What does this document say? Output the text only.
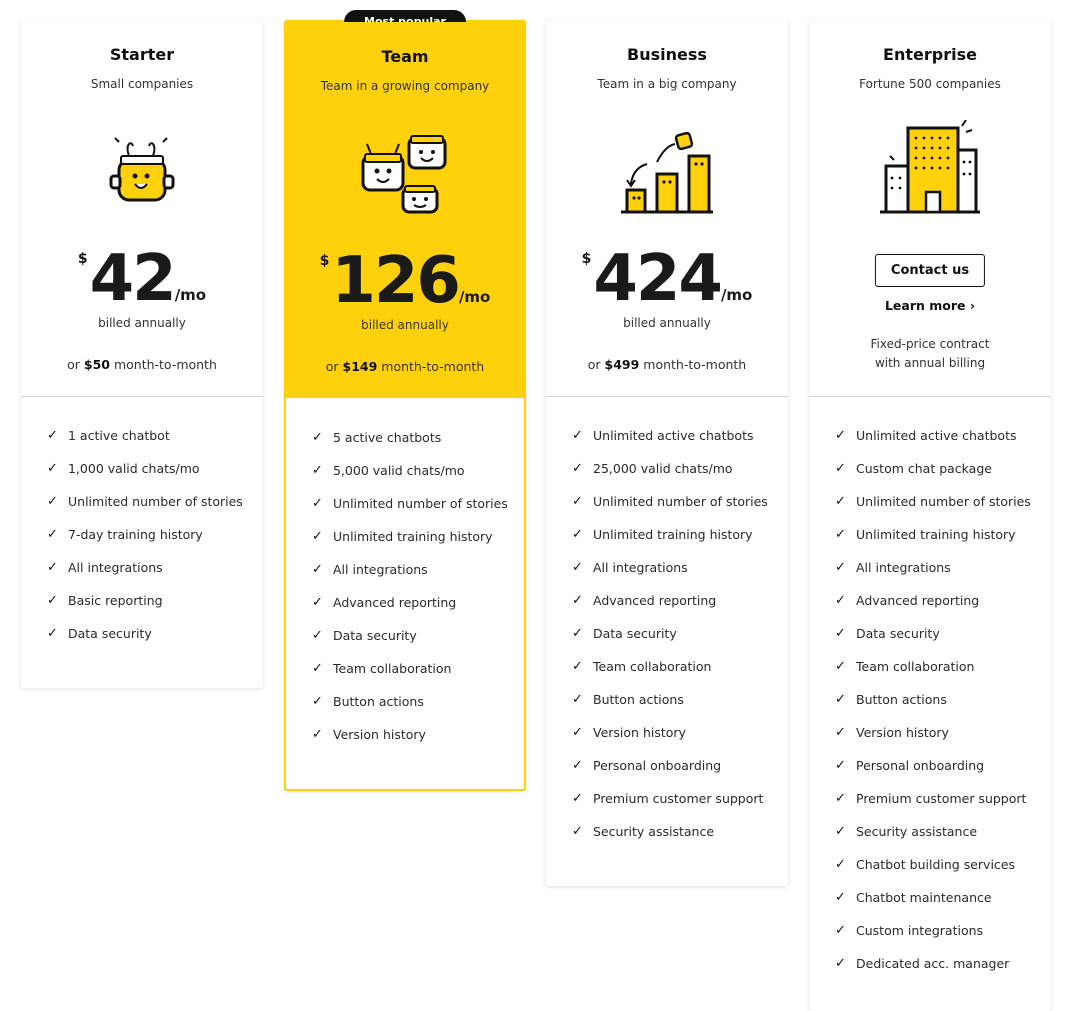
Starter
Small companies
$42/mo
billed annually
or $50 month-to-month
✓ 1 active chatbot
✓ 1,000 valid chats/mo
✓ Unlimited number of stories
✓ 7-day training history
✓ All integrations
✓ Basic reporting
✓ Data security
Team
Team in a growing company
$126/mo
billed annually
or $149 month-to-month
✓ 5 active chatbots
✓ 5,000 valid chats/mo
✓ Unlimited number of stories
✓ Unlimited training history
✓ All integrations
✓ Advanced reporting
✓ Data security
✓ Team collaboration
✓ Button actions
✓ Version history
Business
Team in a big company
$424/mo
billed annually
or $499 month-to-month
✓ Unlimited active chatbots
✓ 25,000 valid chats/mo
✓ Unlimited number of stories
✓ Unlimited training history
✓ All integrations
✓ Advanced reporting
✓ Data security
✓ Team collaboration
✓ Button actions
✓ Version history
✓ Personal onboarding
✓ Premium customer support
✓ Security assistance
Enterprise
Fortune 500 companies
Contact us
Learn more ›
Fixed-price contract
with annual billing
✓ Unlimited active chatbots
✓ Custom chat package
✓ Unlimited number of stories
✓ Unlimited training history
✓ All integrations
✓ Advanced reporting
✓ Data security
✓ Team collaboration
✓ Button actions
✓ Version history
✓ Personal onboarding
✓ Premium customer support
✓ Security assistance
✓ Chatbot building services
✓ Chatbot maintenance
✓ Custom integrations
✓ Dedicated acc. manager
